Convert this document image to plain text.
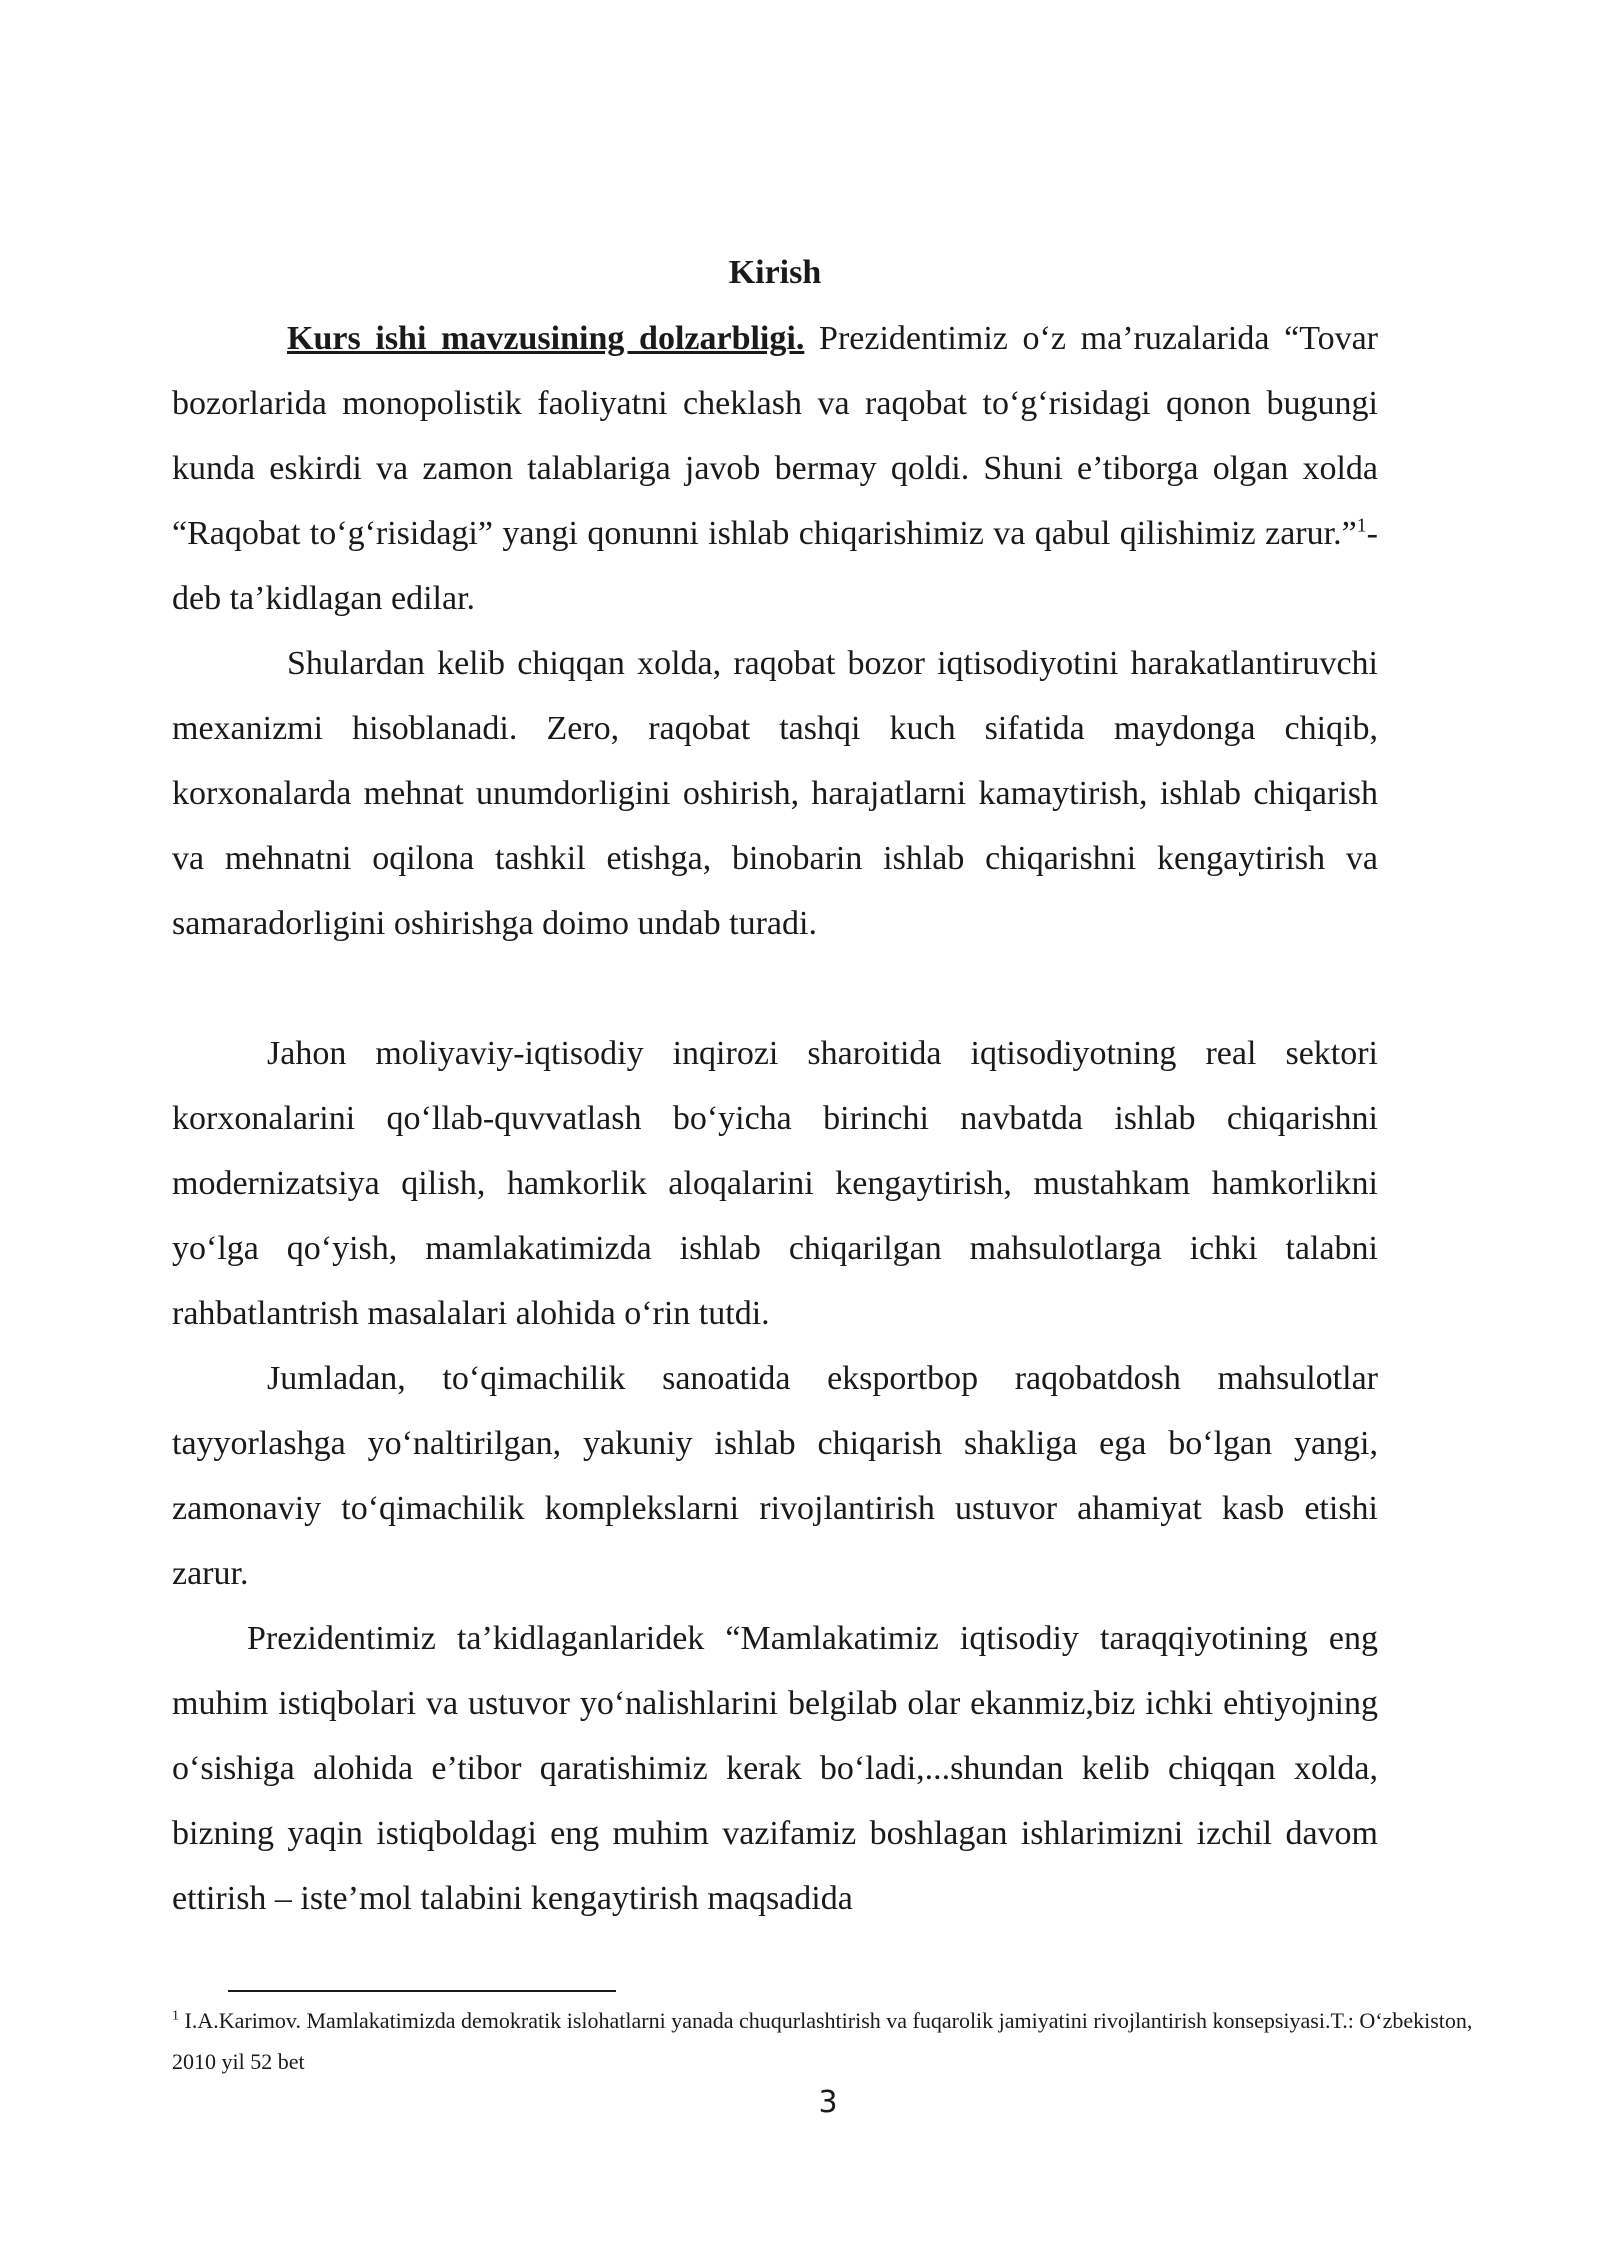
Kirish

Kurs ishi mavzusining dolzarbligi. Prezidentimiz o‘z ma’ruzalarida “Tovar bozorlarida monopolistik faoliyatni cheklash va raqobat to‘g‘risidagi qonon bugungi kunda eskirdi va zamon talablariga javob bermay qoldi. Shuni e’tiborga olgan xolda “Raqobat to‘g‘risidagi” yangi qonunni ishlab chiqarishimiz va qabul qilishimiz zarur.”$^1$- deb ta’kidlagan edilar.

Shulardan kelib chiqqan xolda, raqobat bozor iqtisodiyotini harakatlantiruvchi mexanizmi hisoblanadi. Zero, raqobat tashqi kuch sifatida maydonga chiqib, korxonalarda mehnat unumdorligini oshirish, harajatlarni kamaytirish, ishlab chiqarish va mehnatni oqilona tashkil etishga, binobarin ishlab chiqarishni kengaytirish va samaradorligini oshirishga doimo undab turadi.

Jahon moliyaviy-iqtisodiy inqirozi sharoitida iqtisodiyotning real sektori korxonalarini qo‘llab-quvvatlash bo‘yicha birinchi navbatda ishlab chiqarishni modernizatsiya qilish, hamkorlik aloqalarini kengaytirish, mustahkam hamkorlikni yo‘lga qo‘yish, mamlakatimizda ishlab chiqarilgan mahsulotlarga ichki talabni rahbatlantrish masalalari alohida o‘rin tutdi.

Jumladan, to‘qimachilik sanoatida eksportbop raqobatdosh mahsulotlar tayyorlashga yo‘naltirilgan, yakuniy ishlab chiqarish shakliga ega bo‘lgan yangi, zamonaviy to‘qimachilik komplekslarni rivojlantirish ustuvor ahamiyat kasb etishi zarur.

Prezidentimiz ta’kidlaganlaridek “Mamlakatimiz iqtisodiy taraqqiyotining eng muhim istiqbolari va ustuvor yo‘nalishlarini belgilab olar ekanmiz,biz ichki ehtiyojning o‘sishiga alohida e’tibor qaratishimiz kerak bo‘ladi,...shundan kelib chiqqan xolda, bizning yaqin istiqboldagi eng muhim vazifamiz boshlagan ishlarimizni izchil davom ettirish – iste’mol talabini kengaytirish maqsadida

$^1$ I.A.Karimov. Mamlakatimizda demokratik islohatlarni yanada chuqurlashtirish va fuqarolik jamiyatini rivojlantirish konsepsiyasi.T.: O‘zbekiston, 2010 yil 52 bet
3
